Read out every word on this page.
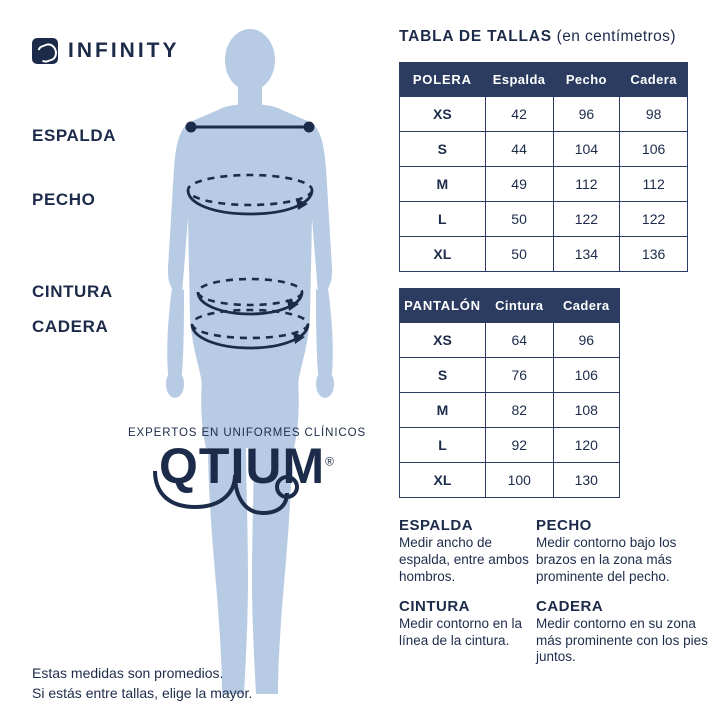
INFINITY
ESPALDA
PECHO
CINTURA
CADERA
EXPERTOS EN UNIFORMES CLÍNICOS
QTIUM®
Estas medidas son promedios.
Si estás entre tallas, elige la mayor.
TABLA DE TALLAS (en centímetros)
POLERA	Espalda	Pecho	Cadera
XS	42	96	98
S	44	104	106
M	49	112	112
L	50	122	122
XL	50	134	136
PANTALÓN	Cintura	Cadera
XS	64	96
S	76	106
M	82	108
L	92	120
XL	100	130
ESPALDA

Medir ancho de espalda, entre ambos hombros.

PECHO

Medir contorno bajo los brazos en la zona más prominente del pecho.

CINTURA

Medir contorno en la línea de la cintura.

CADERA

Medir contorno en su zona más prominente con los pies juntos.
